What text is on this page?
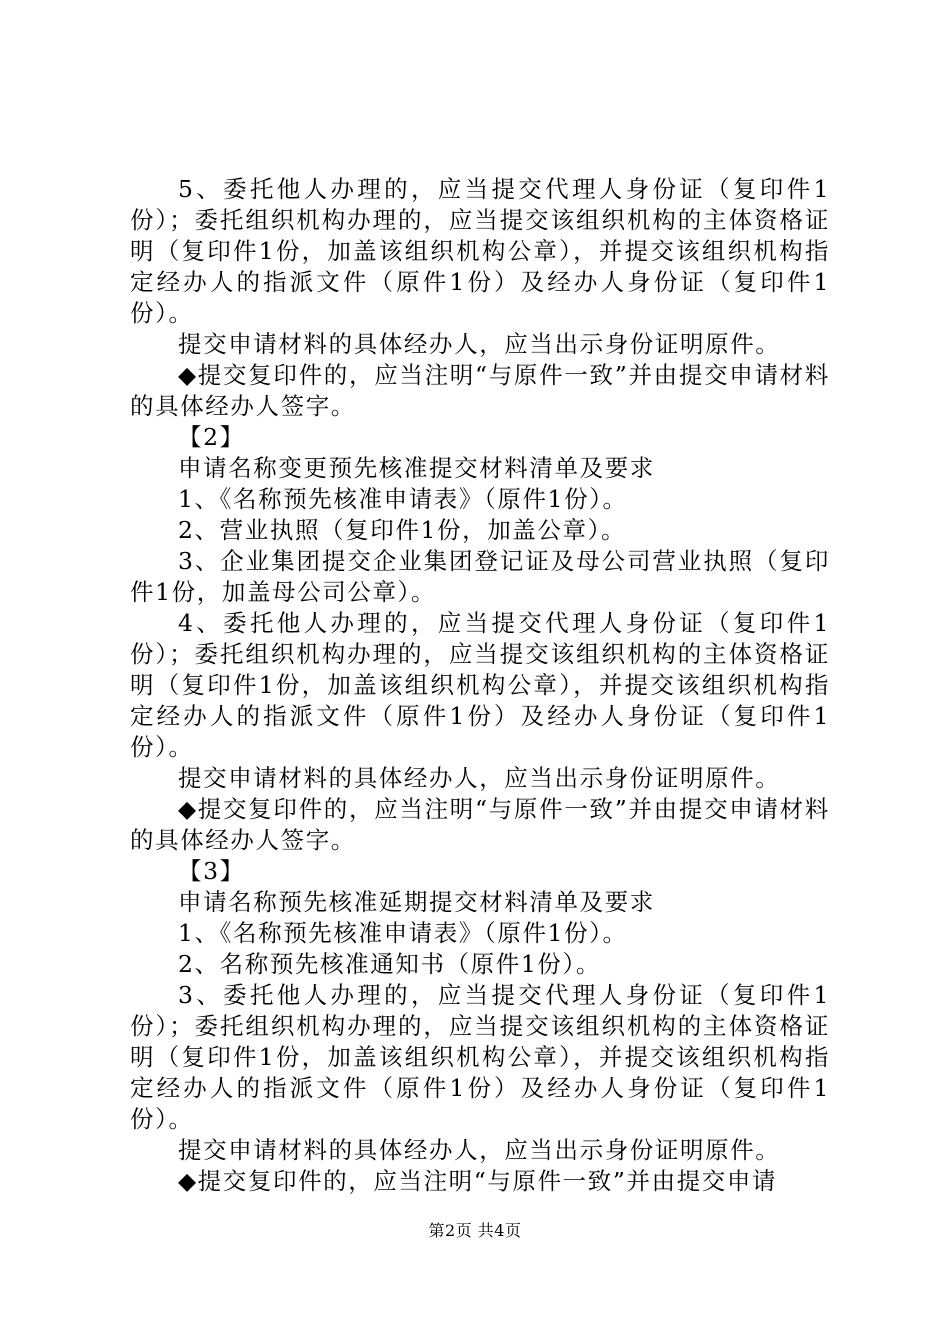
5、委托他人办理的，应当提交代理人身份证（复印件1份）；委托组织机构办理的，应当提交该组织机构的主体资格证明（复印件1份，加盖该组织机构公章），并提交该组织机构指定经办人的指派文件（原件1份）及经办人身份证（复印件1份）。

提交申请材料的具体经办人，应当出示身份证明原件。

◆提交复印件的，应当注明“与原件一致”并由提交申请材料的具体经办人签字。

【2】

申请名称变更预先核准提交材料清单及要求

1、《名称预先核准申请表》（原件1份）。

2、营业执照（复印件1份，加盖公章）。

3、企业集团提交企业集团登记证及母公司营业执照（复印件1份，加盖母公司公章）。

4、委托他人办理的，应当提交代理人身份证（复印件1份）；委托组织机构办理的，应当提交该组织机构的主体资格证明（复印件1份，加盖该组织机构公章），并提交该组织机构指定经办人的指派文件（原件1份）及经办人身份证（复印件1份）。

提交申请材料的具体经办人，应当出示身份证明原件。

◆提交复印件的，应当注明“与原件一致”并由提交申请材料的具体经办人签字。

【3】

申请名称预先核准延期提交材料清单及要求

1、《名称预先核准申请表》（原件1份）。

2、名称预先核准通知书（原件1份）。

3、委托他人办理的，应当提交代理人身份证（复印件1份）；委托组织机构办理的，应当提交该组织机构的主体资格证明（复印件1份，加盖该组织机构公章），并提交该组织机构指定经办人的指派文件（原件1份）及经办人身份证（复印件1份）。

提交申请材料的具体经办人，应当出示身份证明原件。

◆提交复印件的，应当注明“与原件一致”并由提交申请

第2页 共4页
